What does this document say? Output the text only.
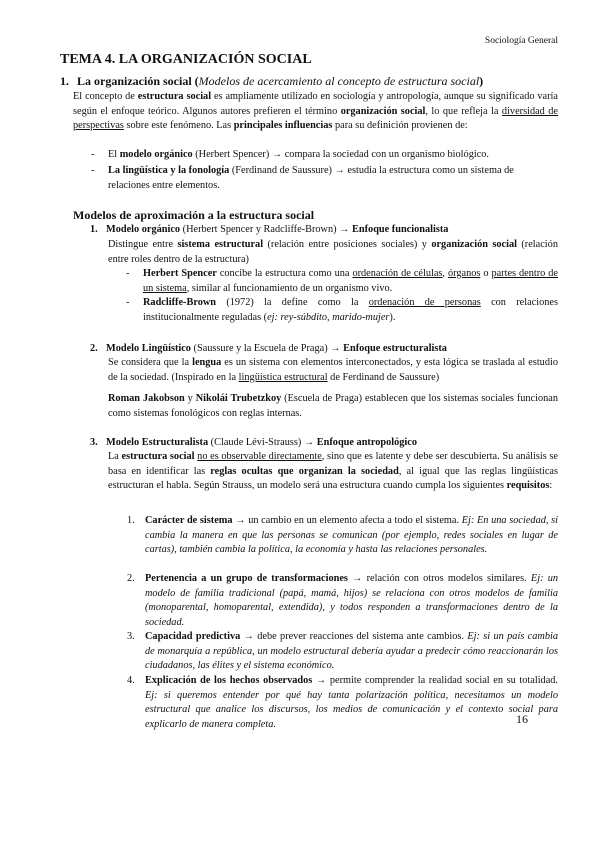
Sociología General
TEMA 4. LA ORGANIZACIÓN SOCIAL
1. La organización social (Modelos de acercamiento al concepto de estructura social)
El concepto de estructura social es ampliamente utilizado en sociología y antropología, aunque su significado varía según el enfoque teórico. Algunos autores prefieren el término organización social, lo que refleja la diversidad de perspectivas sobre este fenómeno. Las principales influencias para su definición provienen de:
- El modelo orgánico (Herbert Spencer) → compara la sociedad con un organismo biológico.
- La lingüística y la fonología (Ferdinand de Saussure) → estudia la estructura como un sistema de relaciones entre elementos.
Modelos de aproximación a la estructura social
1. Modelo orgánico (Herbert Spencer y Radcliffe-Brown) → Enfoque funcionalista
Distingue entre sistema estructural (relación entre posiciones sociales) y organización social (relación entre roles dentro de la estructura)
- Herbert Spencer concibe la estructura como una ordenación de células, órganos o partes dentro de un sistema, similar al funcionamiento de un organismo vivo.
- Radcliffe-Brown (1972) la define como la ordenación de personas con relaciones institucionalmente reguladas (ej: rey-súbdito, marido-mujer).
2. Modelo Lingüístico (Saussure y la Escuela de Praga) → Enfoque estructuralista
Se considera que la lengua es un sistema con elementos interconectados, y esta lógica se traslada al estudio de la sociedad. (Inspirado en la lingüística estructural de Ferdinand de Saussure)
Roman Jakobson y Nikolái Trubetzkoy (Escuela de Praga) establecen que los sistemas sociales funcionan como sistemas fonológicos con reglas internas.
3. Modelo Estructuralista (Claude Lévi-Strauss) → Enfoque antropológico
La estructura social no es observable directamente, sino que es latente y debe ser descubierta. Su análisis se basa en identificar las reglas ocultas que organizan la sociedad, al igual que las reglas lingüísticas estructuran el habla. Según Strauss, un modelo será una estructura cuando cumpla los siguientes requisitos:
1. Carácter de sistema → un cambio en un elemento afecta a todo el sistema. Ej: En una sociedad, si cambia la manera en que las personas se comunican (por ejemplo, redes sociales en lugar de cartas), también cambia la política, la economía y hasta las relaciones personales.
2. Pertenencia a un grupo de transformaciones → relación con otros modelos similares. Ej: un modelo de familia tradicional (papá, mamá, hijos) se relaciona con otros modelos de familia (monoparental, homoparental, extendida), y todos responden a transformaciones dentro de la sociedad.
3. Capacidad predictiva → debe prever reacciones del sistema ante cambios. Ej: si un país cambia de monarquía a república, un modelo estructural debería ayudar a predecir cómo reaccionarán los ciudadanos, las élites y el sistema económico.
4. Explicación de los hechos observados → permite comprender la realidad social en su totalidad. Ej: si queremos entender por qué hay tanta polarización política, necesitamos un modelo estructural que analice los discursos, los medios de comunicación y el contexto social para explicarlo de manera completa.	16
